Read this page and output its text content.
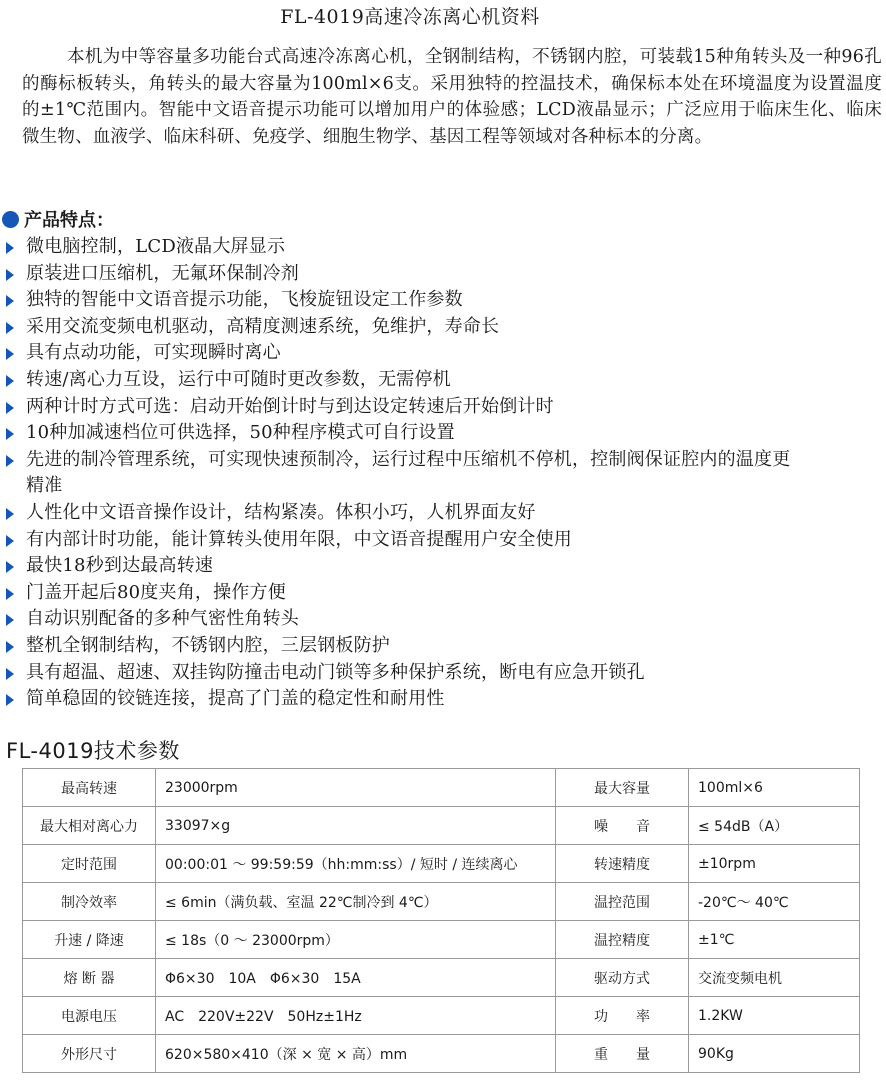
FL-4019高速冷冻离心机资料

本机为中等容量多功能台式高速冷冻离心机，全钢制结构，不锈钢内腔，可装载15种角转头及一种96孔的酶标板转头，角转头的最大容量为100ml×6支。采用独特的控温技术，确保标本处在环境温度为设置温度的±1℃范围内。智能中文语音提示功能可以增加用户的体验感；LCD液晶显示；广泛应用于临床生化、临床微生物、血液学、临床科研、免疫学、细胞生物学、基因工程等领域对各种标本的分离。

产品特点：
微电脑控制，LCD液晶大屏显示
原装进口压缩机，无氟环保制冷剂
独特的智能中文语音提示功能，飞梭旋钮设定工作参数
采用交流变频电机驱动，高精度测速系统，免维护，寿命长
具有点动功能，可实现瞬时离心
转速/离心力互设，运行中可随时更改参数，无需停机
两种计时方式可选：启动开始倒计时与到达设定转速后开始倒计时
10种加减速档位可供选择，50种程序模式可自行设置
先进的制冷管理系统，可实现快速预制冷，运行过程中压缩机不停机，控制阀保证腔内的温度更精准
人性化中文语音操作设计，结构紧凑。体积小巧，人机界面友好
有内部计时功能，能计算转头使用年限，中文语音提醒用户安全使用
最快18秒到达最高转速
门盖开起后80度夹角，操作方便
自动识别配备的多种气密性角转头
整机全钢制结构，不锈钢内腔，三层钢板防护
具有超温、超速、双挂钩防撞击电动门锁等多种保护系统，断电有应急开锁孔
简单稳固的铰链连接，提高了门盖的稳定性和耐用性
FL-4019技术参数
最高转速	23000rpm	最大容量	100ml×6
最大相对离心力	33097×g	噪　　音	≤ 54dB（A）
定时范围	00:00:01 ～ 99:59:59（hh:mm:ss）/ 短时 / 连续离心	转速精度	±10rpm
制冷效率	≤ 6min（满负载、室温 22℃制冷到 4℃）	温控范围	-20℃～ 40℃
升速 / 降速	≤ 18s（0 ～ 23000rpm）	温控精度	±1℃
熔 断 器	Φ6×30　10A　Φ6×30　15A	驱动方式	交流变频电机
电源电压	AC　220V±22V　50Hz±1Hz	功　　率	1.2KW
外形尺寸	620×580×410（深 × 宽 × 高）mm	重　　量	90Kg
